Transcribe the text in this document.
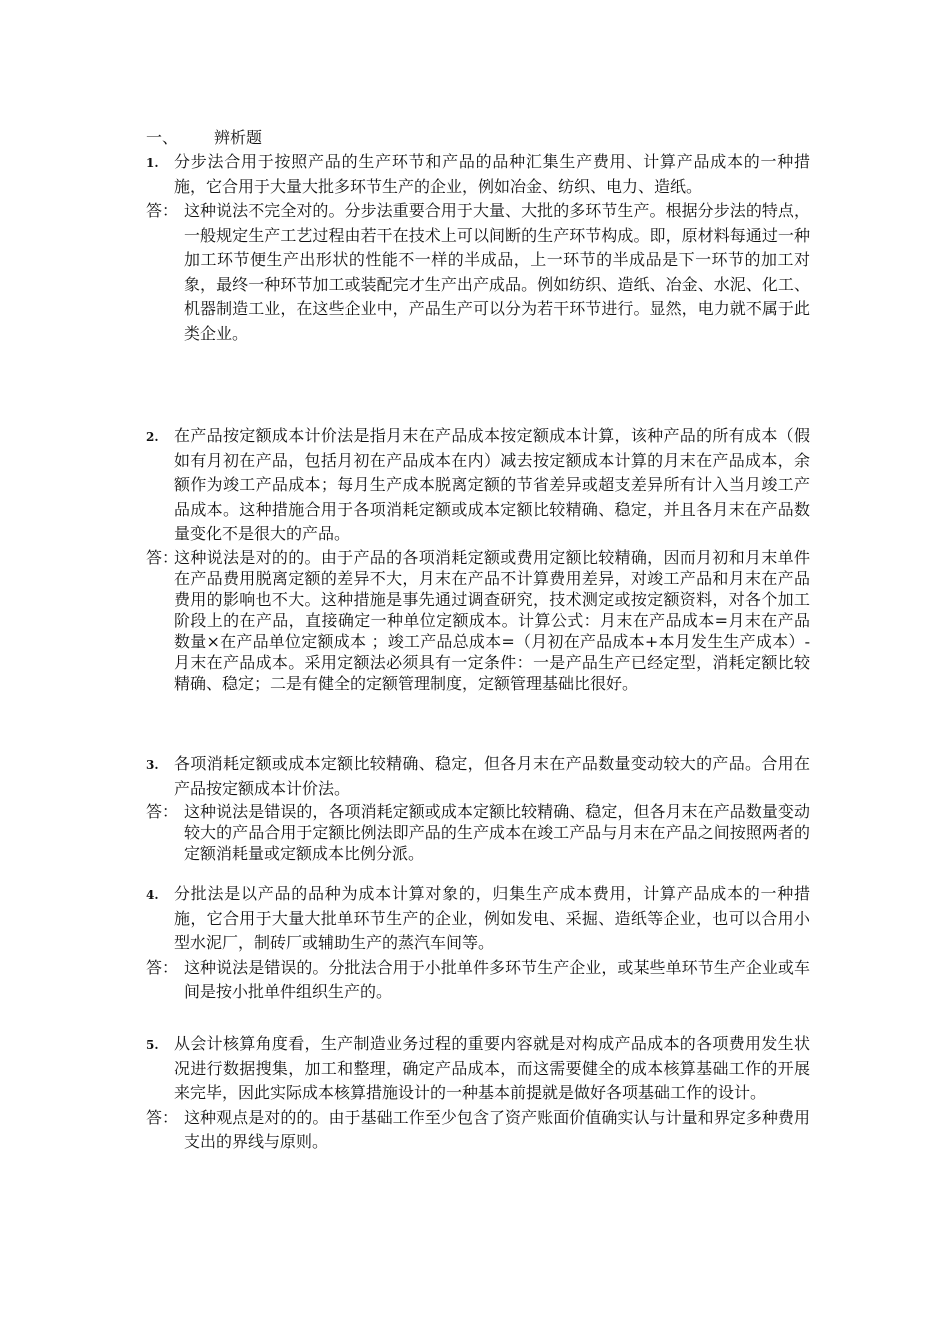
一、 辨析题
1. 分步法合用于按照产品的生产环节和产品的品种汇集生产费用、计算产品成本的一种措施，它合用于大量大批多环节生产的企业，例如冶金、纺织、电力、造纸。
答： 这种说法不完全对的。分步法重要合用于大量、大批的多环节生产。根据分步法的特点，一般规定生产工艺过程由若干在技术上可以间断的生产环节构成。即，原材料每通过一种加工环节便生产出形状的性能不一样的半成品，上一环节的半成品是下一环节的加工对象，最终一种环节加工或装配完才生产出产成品。例如纺织、造纸、冶金、水泥、化工、机器制造工业，在这些企业中，产品生产可以分为若干环节进行。显然，电力就不属于此类企业。
2. 在产品按定额成本计价法是指月末在产品成本按定额成本计算，该种产品的所有成本（假如有月初在产品，包括月初在产品成本在内）减去按定额成本计算的月末在产品成本，余额作为竣工产品成本；每月生产成本脱离定额的节省差异或超支差异所有计入当月竣工产品成本。这种措施合用于各项消耗定额或成本定额比较精确、稳定，并且各月末在产品数量变化不是很大的产品。
答：
这种说法是对的的。由于产品的各项消耗定额或费用定额比较精确，因而月初和月末单件在产品费用脱离定额的差异不大，月末在产品不计算费用差异，对竣工产品和月末在产品费用的影响也不大。这种措施是事先通过调查研究，技术测定或按定额资料，对各个加工阶段上的在产品，直接确定一种单位定额成本。计算公式：月末在产品成本=月末在产品数量×在产品单位定额成本 ；竣工产品总成本=（月初在产品成本+本月发生生产成本）-月末在产品成本。采用定额法必须具有一定条件：一是产品生产已经定型，消耗定额比较精确、稳定；二是有健全的定额管理制度，定额管理基础比很好。
3. 各项消耗定额或成本定额比较精确、稳定，但各月末在产品数量变动较大的产品。合用在产品按定额成本计价法。
答： 这种说法是错误的，各项消耗定额或成本定额比较精确、稳定，但各月末在产品数量变动较大的产品合用于定额比例法即产品的生产成本在竣工产品与月末在产品之间按照两者的定额消耗量或定额成本比例分派。
4. 分批法是以产品的品种为成本计算对象的，归集生产成本费用，计算产品成本的一种措施，它合用于大量大批单环节生产的企业，例如发电、采掘、造纸等企业，也可以合用小型水泥厂，制砖厂或辅助生产的蒸汽车间等。
答： 这种说法是错误的。分批法合用于小批单件多环节生产企业，或某些单环节生产企业或车间是按小批单件组织生产的。
5. 从会计核算角度看，生产制造业务过程的重要内容就是对构成产品成本的各项费用发生状况进行数据搜集，加工和整理，确定产品成本，而这需要健全的成本核算基础工作的开展来完毕，因此实际成本核算措施设计的一种基本前提就是做好各项基础工作的设计。
答： 这种观点是对的的。由于基础工作至少包含了资产账面价值确实认与计量和界定多种费用支出的界线与原则。
